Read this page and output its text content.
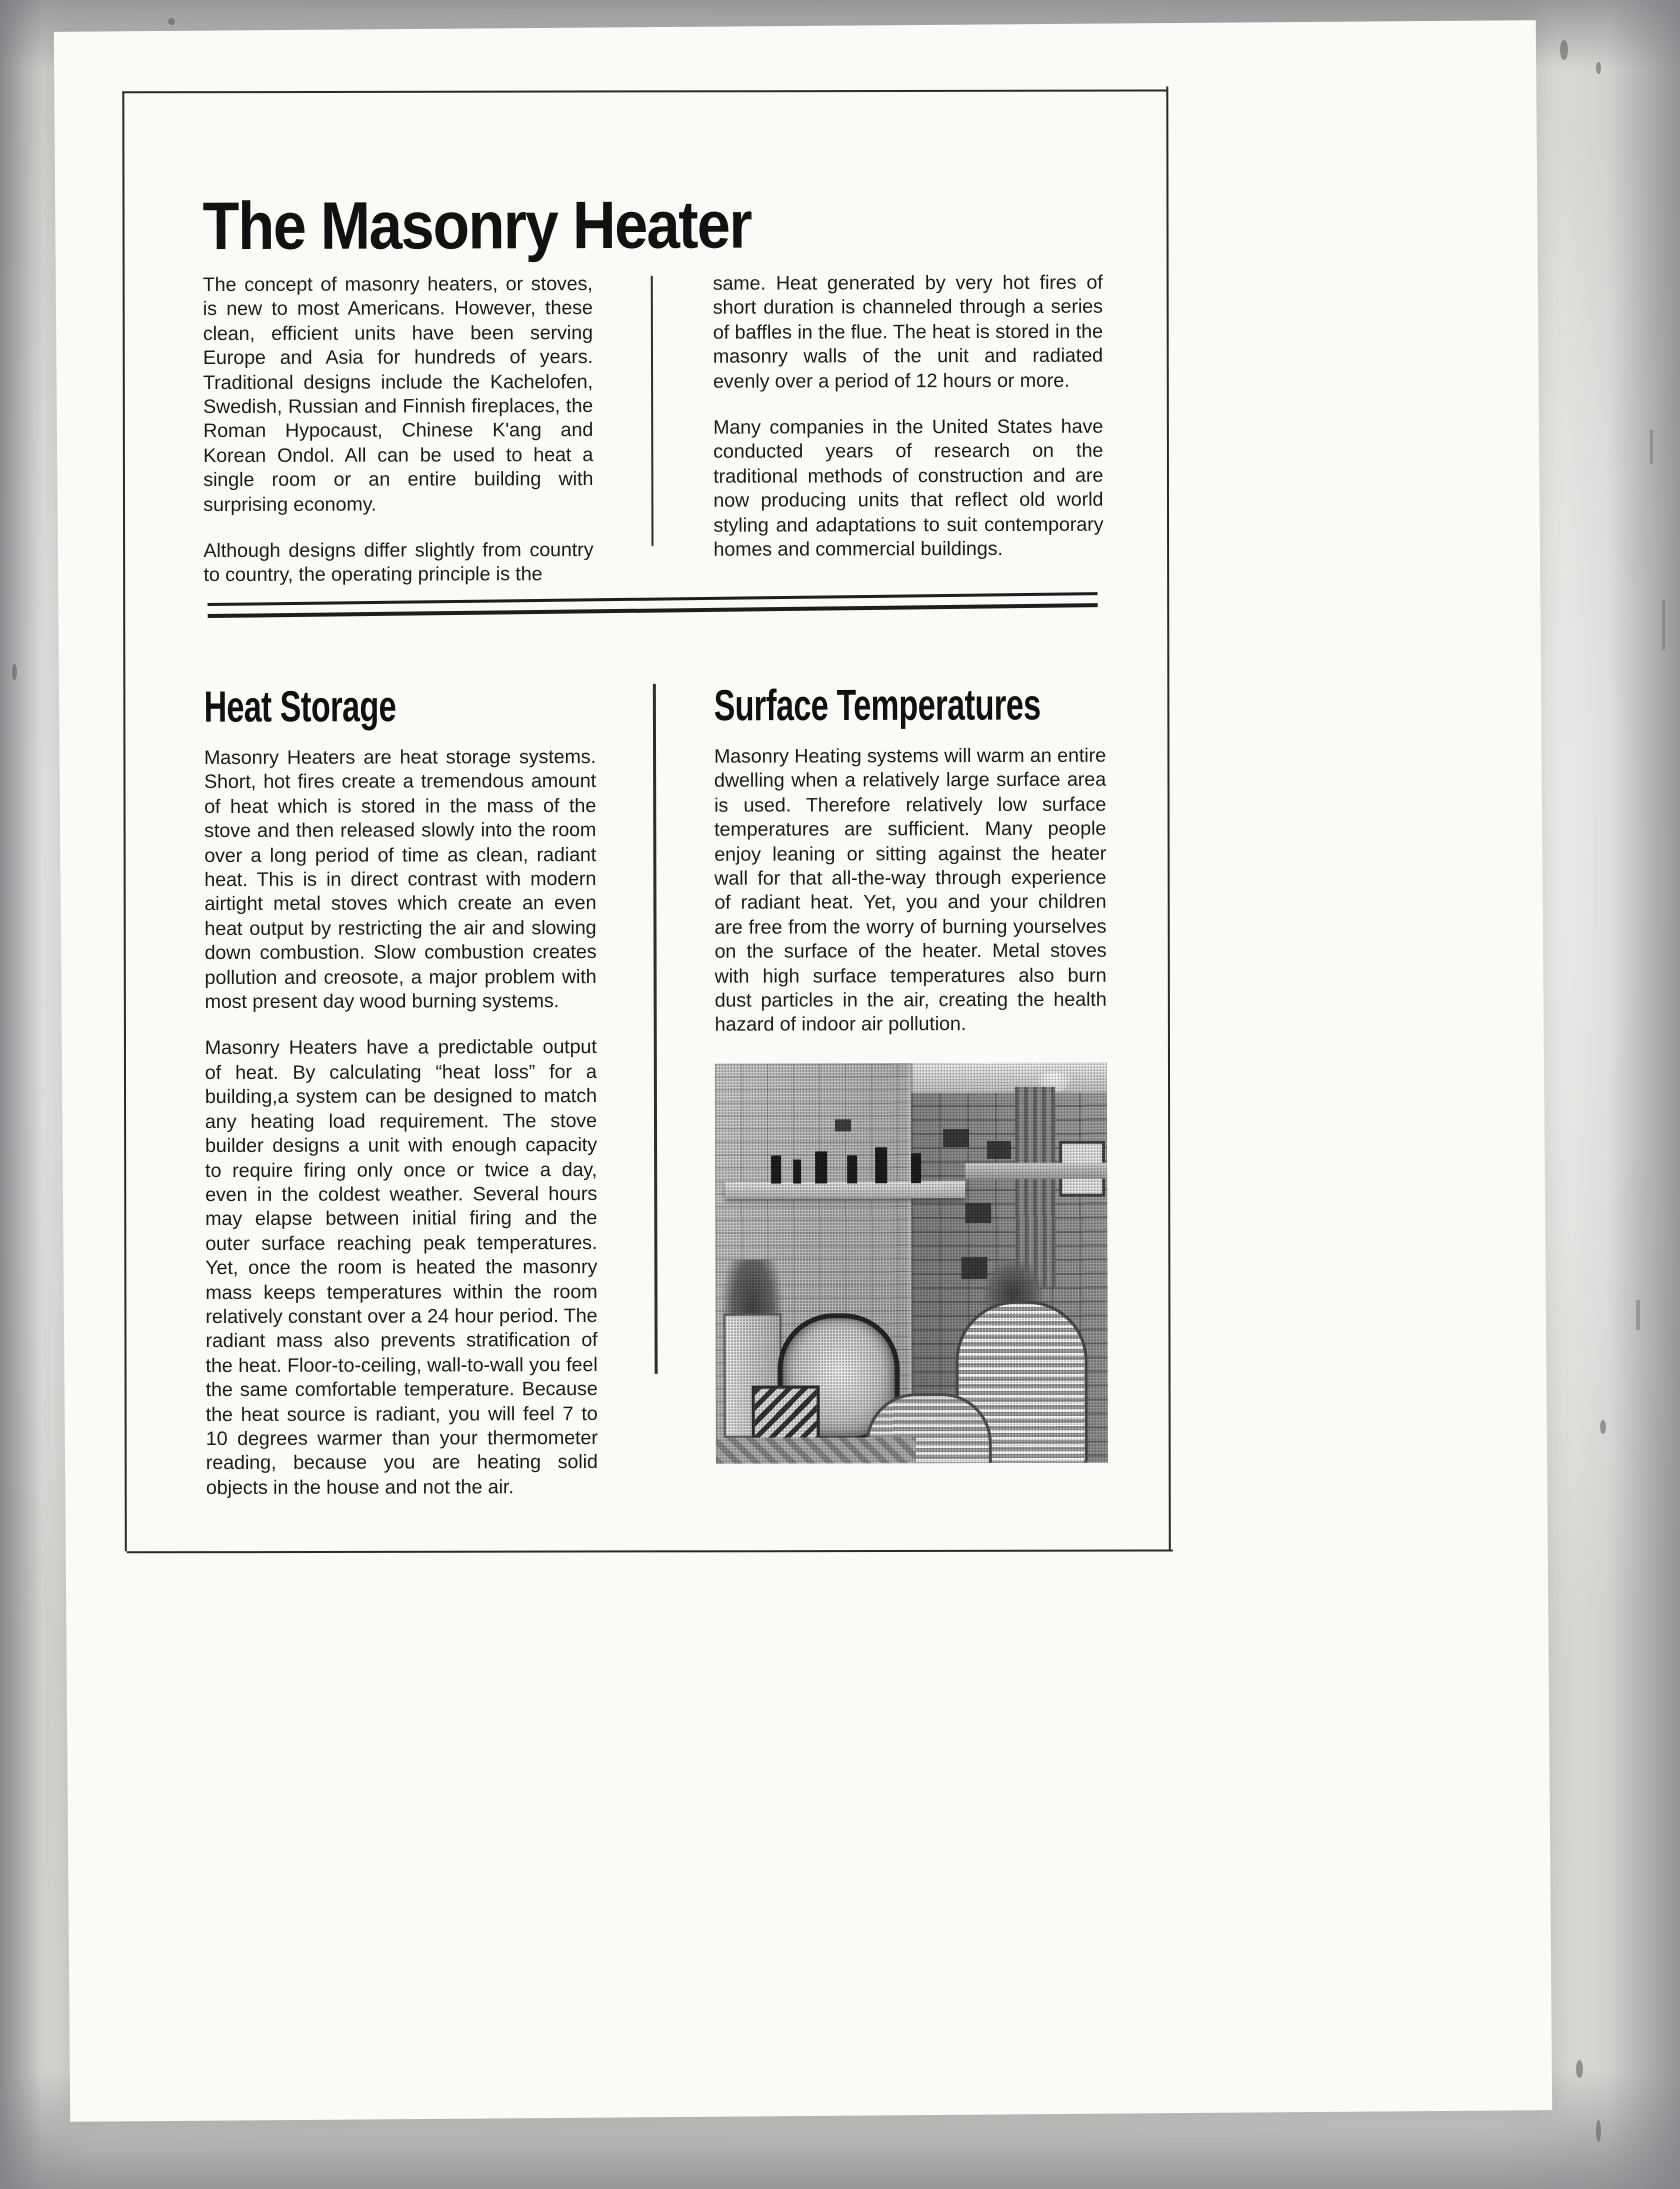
The Masonry Heater

The concept of masonry heaters, or stoves, is new to most Americans. However, these clean, efficient units have been serving Europe and Asia for hundreds of years. Traditional designs include the Kachelofen, Swedish, Russian and Finnish fireplaces, the Roman Hypocaust, Chinese K'ang and Korean Ondol. All can be used to heat a single room or an entire building with surprising economy.

Although designs differ slightly from country to country, the operating principle is the

same. Heat generated by very hot fires of short duration is channeled through a series of baffles in the flue. The heat is stored in the masonry walls of the unit and radiated evenly over a period of 12 hours or more.

Many companies in the United States have conducted years of research on the traditional methods of construction and are now producing units that reflect old world styling and adaptations to suit contemporary homes and commercial buildings.

Heat Storage

Masonry Heaters are heat storage systems. Short, hot fires create a tremendous amount of heat which is stored in the mass of the stove and then released slowly into the room over a long period of time as clean, radiant heat. This is in direct contrast with modern airtight metal stoves which create an even heat output by restricting the air and slowing down combustion. Slow combustion creates pollution and creosote, a major problem with most present day wood burning systems.

Masonry Heaters have a predictable output of heat. By calculating “heat loss” for a building,a system can be designed to match any heating load requirement. The stove builder designs a unit with enough capacity to require firing only once or twice a day, even in the coldest weather. Several hours may elapse between initial firing and the outer surface reaching peak temperatures. Yet, once the room is heated the masonry mass keeps temperatures within the room relatively constant over a 24 hour period. The radiant mass also prevents stratification of the heat. Floor-to-ceiling, wall-to-wall you feel the same comfortable temperature. Because the heat source is radiant, you will feel 7 to 10 degrees warmer than your thermometer reading, because you are heating solid objects in the house and not the air.

Surface Temperatures

Masonry Heating systems will warm an entire dwelling when a relatively large surface area is used. Therefore relatively low surface temperatures are sufficient. Many people enjoy leaning or sitting against the heater wall for that all-the-way through experience of radiant heat. Yet, you and your children are free from the worry of burning yourselves on the surface of the heater. Metal stoves with high surface temperatures also burn dust particles in the air, creating the health hazard of indoor air pollution.
